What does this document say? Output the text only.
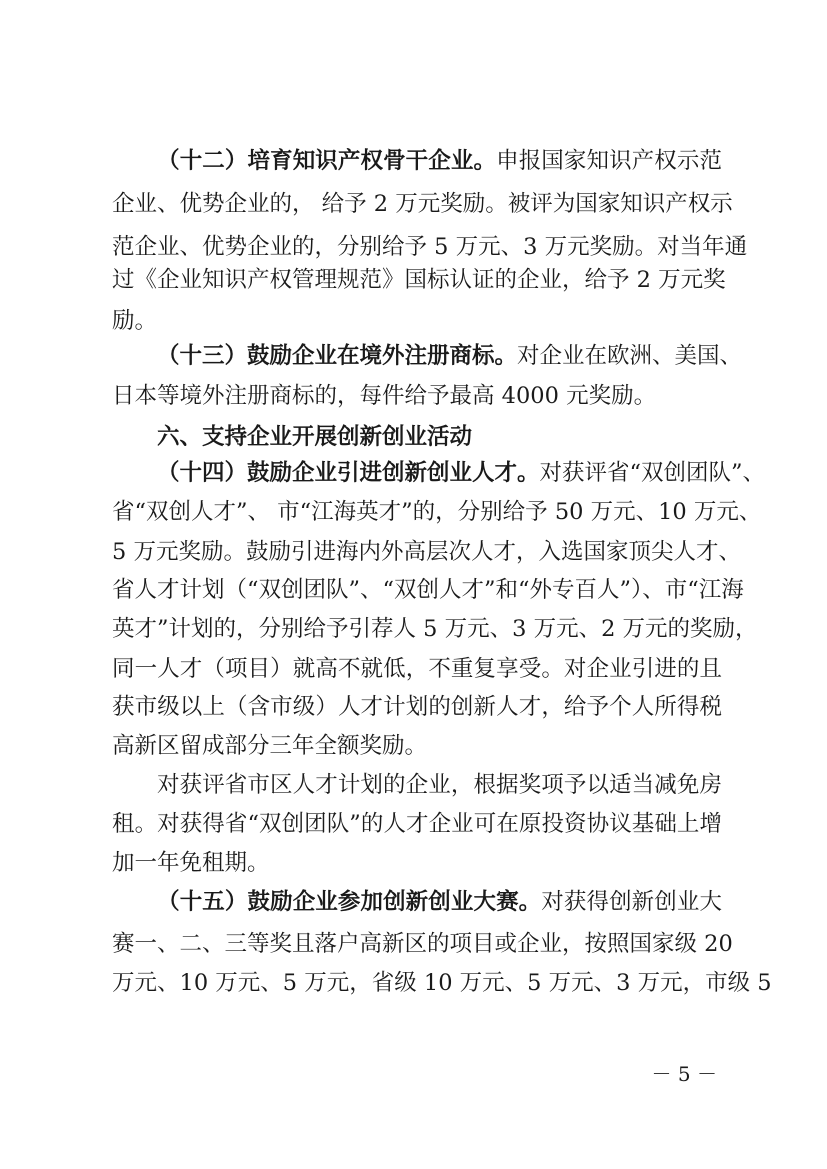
（十二）培育知识产权骨干企业。申报国家知识产权示范
企业、优势企业的， 给予 2 万元奖励。被评为国家知识产权示
范企业、优势企业的，分别给予 5 万元、3 万元奖励。对当年通
过《企业知识产权管理规范》国标认证的企业，给予 2 万元奖
励。
（十三）鼓励企业在境外注册商标。对企业在欧洲、美国、
日本等境外注册商标的，每件给予最高 4000 元奖励。
六、支持企业开展创新创业活动
（十四）鼓励企业引进创新创业人才。对获评省“双创团队”、
省“双创人才”、 市“江海英才”的，分别给予 50 万元、10 万元、
5 万元奖励。鼓励引进海内外高层次人才，入选国家顶尖人才、
省人才计划（“双创团队”、“双创人才”和“外专百人”）、市“江海
英才”计划的，分别给予引荐人 5 万元、3 万元、2 万元的奖励，
同一人才（项目）就高不就低，不重复享受。对企业引进的且
获市级以上（含市级）人才计划的创新人才，给予个人所得税
高新区留成部分三年全额奖励。
对获评省市区人才计划的企业，根据奖项予以适当减免房
租。对获得省“双创团队”的人才企业可在原投资协议基础上增
加一年免租期。
（十五）鼓励企业参加创新创业大赛。对获得创新创业大
赛一、二、三等奖且落户高新区的项目或企业，按照国家级 20
万元、10 万元、5 万元，省级 10 万元、5 万元、3 万元，市级 5
－ 5 －
